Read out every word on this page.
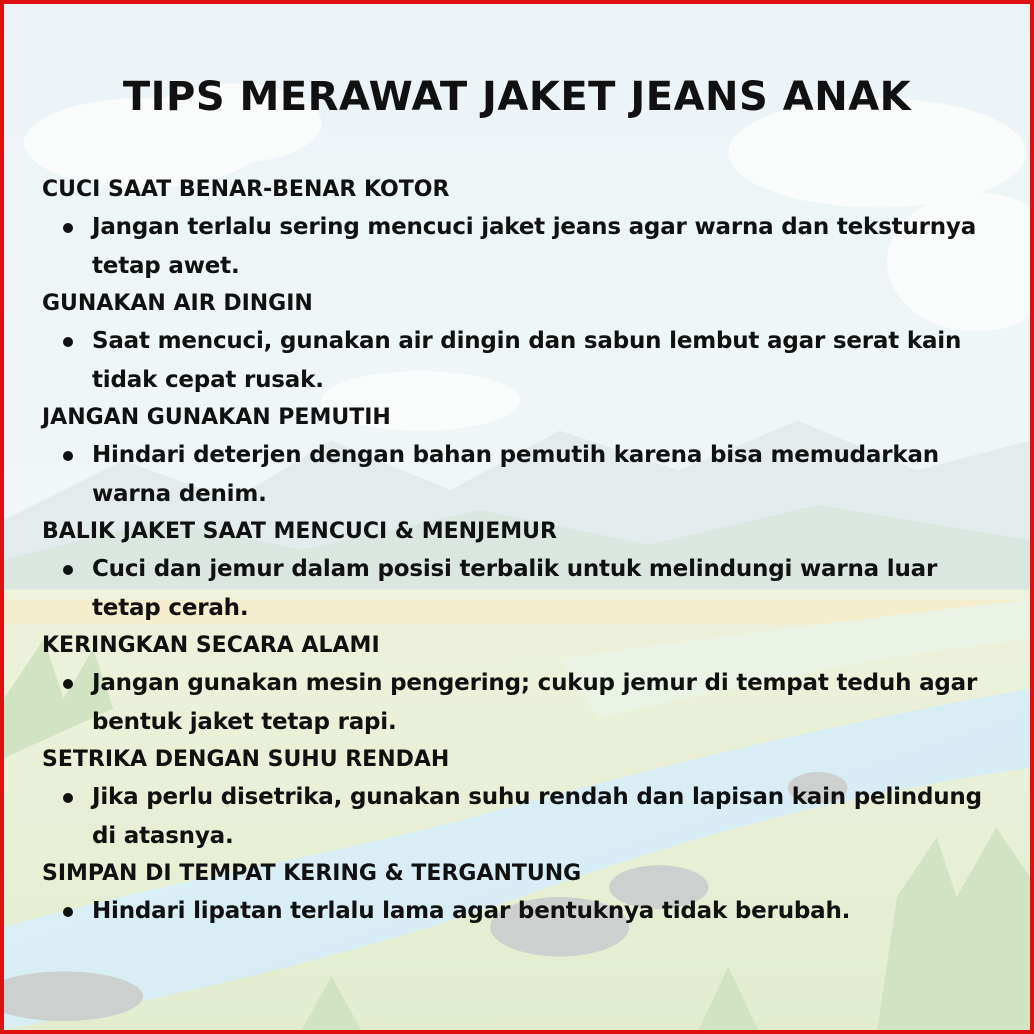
TIPS MERAWAT JAKET JEANS ANAK
CUCI SAAT BENAR-BENAR KOTOR
Jangan terlalu sering mencuci jaket jeans agar warna dan teksturnya tetap awet.
GUNAKAN AIR DINGIN
Saat mencuci, gunakan air dingin dan sabun lembut agar serat kain tidak cepat rusak.
JANGAN GUNAKAN PEMUTIH
Hindari deterjen dengan bahan pemutih karena bisa memudarkan warna denim.
BALIK JAKET SAAT MENCUCI & MENJEMUR
Cuci dan jemur dalam posisi terbalik untuk melindungi warna luar tetap cerah.
KERINGKAN SECARA ALAMI
Jangan gunakan mesin pengering; cukup jemur di tempat teduh agar bentuk jaket tetap rapi.
SETRIKA DENGAN SUHU RENDAH
Jika perlu disetrika, gunakan suhu rendah dan lapisan kain pelindung di atasnya.
SIMPAN DI TEMPAT KERING & TERGANTUNG
Hindari lipatan terlalu lama agar bentuknya tidak berubah.
